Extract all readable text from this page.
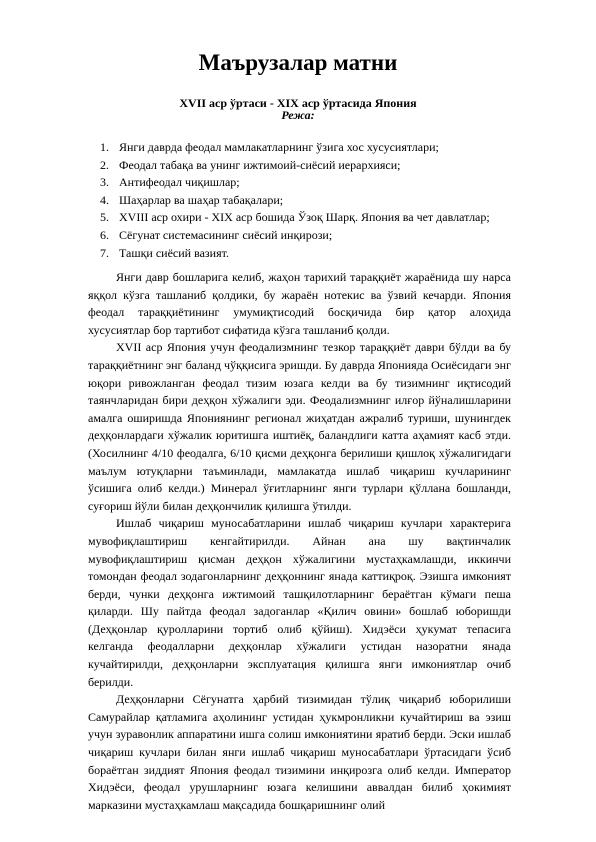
Маърузалар матни
XVII аср ўртаси - XIX аср ўртасида Япония
Режа:
1. Янги даврда феодал мамлакатларнинг ўзига хос хусусиятлари;
2. Феодал табақа ва унинг ижтимоий-сиёсий иерархияси;
3. Антифеодал чиқишлар;
4. Шаҳарлар ва шаҳар табақалари;
5. XVIII аср охири - XIX аср бошида Ўзоқ Шарқ. Япония ва чет давлатлар;
6. Сёгунат системасининг сиёсий инқирози;
7. Ташқи сиёсий вазият.

Янги давр бошларига келиб, жаҳон тарихий тараққиёт жараёнида шу нарса яққол кўзга ташланиб қолдики, бу жараён нотекис ва ўзвий кечарди. Япония феодал тараққиётининг умумиқтисодий босқичида бир қатор алоҳида хусусиятлар бор тартибот сифатида кўзга ташланиб қолди.

XVII аср Япония учун феодализмнинг тезкор тараққиёт даври бўлди ва бу тараққиётнинг энг баланд чўққисига эришди. Бу даврда Японияда Осиёсидаги энг юқори ривожланган феодал тизим юзага келди ва бу тизимнинг иқтисодий таянчларидан бири деҳқон хўжалиги эди. Феодализмнинг илғор йўналишларини амалга оширишда Япониянинг регионал жиҳатдан ажралиб туриши, шунингдек деҳқонлардаги хўжалик юритишга иштиёқ, баландлиги катта аҳамият касб этди. (Хосилнинг 4/10 феодалга, 6/10 қисми деҳқонга берилиши қишлоқ хўжалигидаги маълум ютуқларни таъминлади, мамлакатда ишлаб чиқариш кучларининг ўсишига олиб келди.) Минерал ўғитларнинг янги турлари қўллана бошланди, суғориш йўли билан деҳқончилик қилишга ўтилди.

Ишлаб чиқариш муносабатларини ишлаб чиқариш кучлари характерига мувофиқлаштириш кенгайтирилди. Айнан ана шу вақтинчалик мувофиқлаштириш қисман деҳқон хўжалигини мустаҳкамлашди, иккинчи томондан феодал зодагонларнинг деҳқоннинг янада каттиқроқ. Эзишга имконият берди, чунки деҳқонга ижтимоий ташқилотларнинг бераётган кўмаги пеша қиларди. Шу пайтда феодал задоганлар «Қилич овини» бошлаб юборишди (Деҳқонлар қуролларини тортиб олиб қўйиш). Хидэёси ҳукумат тепасига келганда феодалларни деҳқонлар хўжалиги устидан назоратни янада кучайтирилди, деҳқонларни эксплуатация қилишга янги имкониятлар очиб берилди.

Деҳқонларни Сёгунатга ҳарбий тизимидан тўлиқ чиқариб юборилиши Самурайлар қатламига аҳолининг устидан ҳукмронликни кучайтириш ва эзиш учун зуравонлик аппаратини ишга солиш имкониятини яратиб берди. Эски ишлаб чиқариш кучлари билан янги ишлаб чиқариш муносабатлари ўртасидаги ўсиб бораётган зиддият Япония феодал тизимини инқирозга олиб келди. Император Хидэёси, феодал урушларнинг юзага келишини аввалдан билиб ҳокимият марказини мустаҳкамлаш мақсадида бошқаришнинг олий
